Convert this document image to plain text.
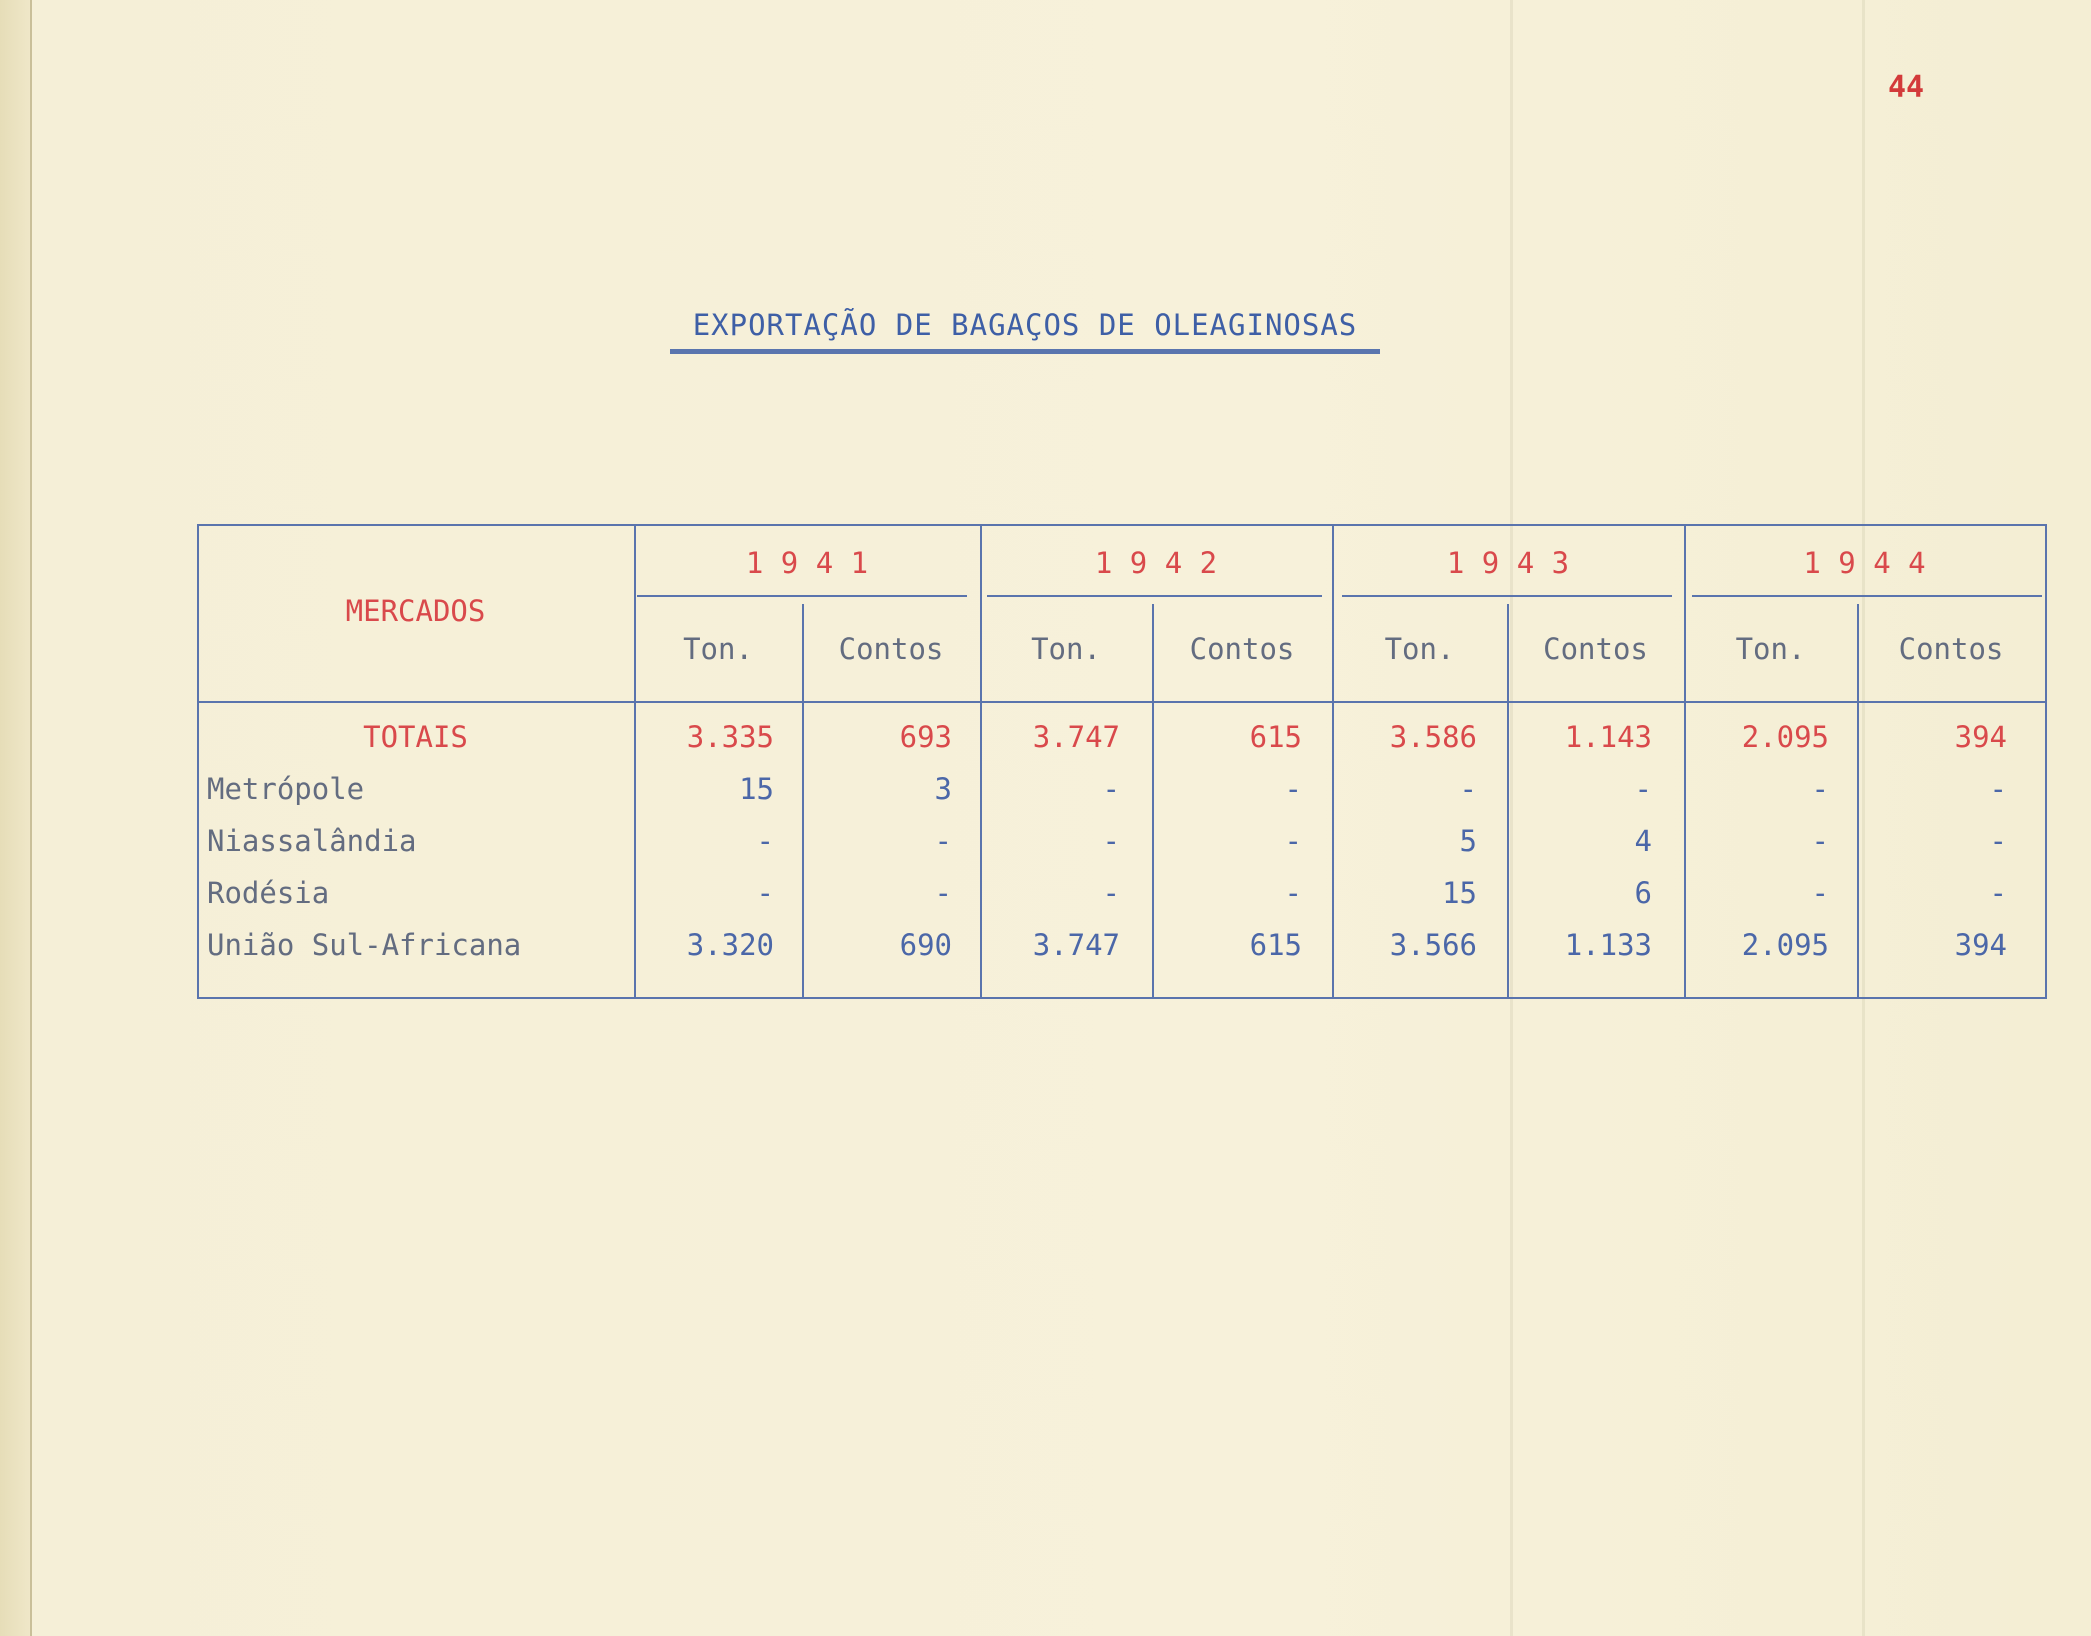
44
EXPORTAÇÃO DE BAGAÇOS DE OLEAGINOSAS
MERCADOS
1 9 4 1	1 9 4 2	1 9 4 3	1 9 4 4
Ton.	Contos	Ton.	Contos	Ton.	Contos	Ton.	Contos
TOTAIS	3.335	693	3.747	615	3.586	1.143	2.095	394
Metrópole	15	3	-	-	-	-	-	-
Niassalândia	-	-	-	-	5	4	-	-
Rodésia	-	-	-	-	15	6	-	-
União Sul-Africana	3.320	690	3.747	615	3.566	1.133	2.095	394
